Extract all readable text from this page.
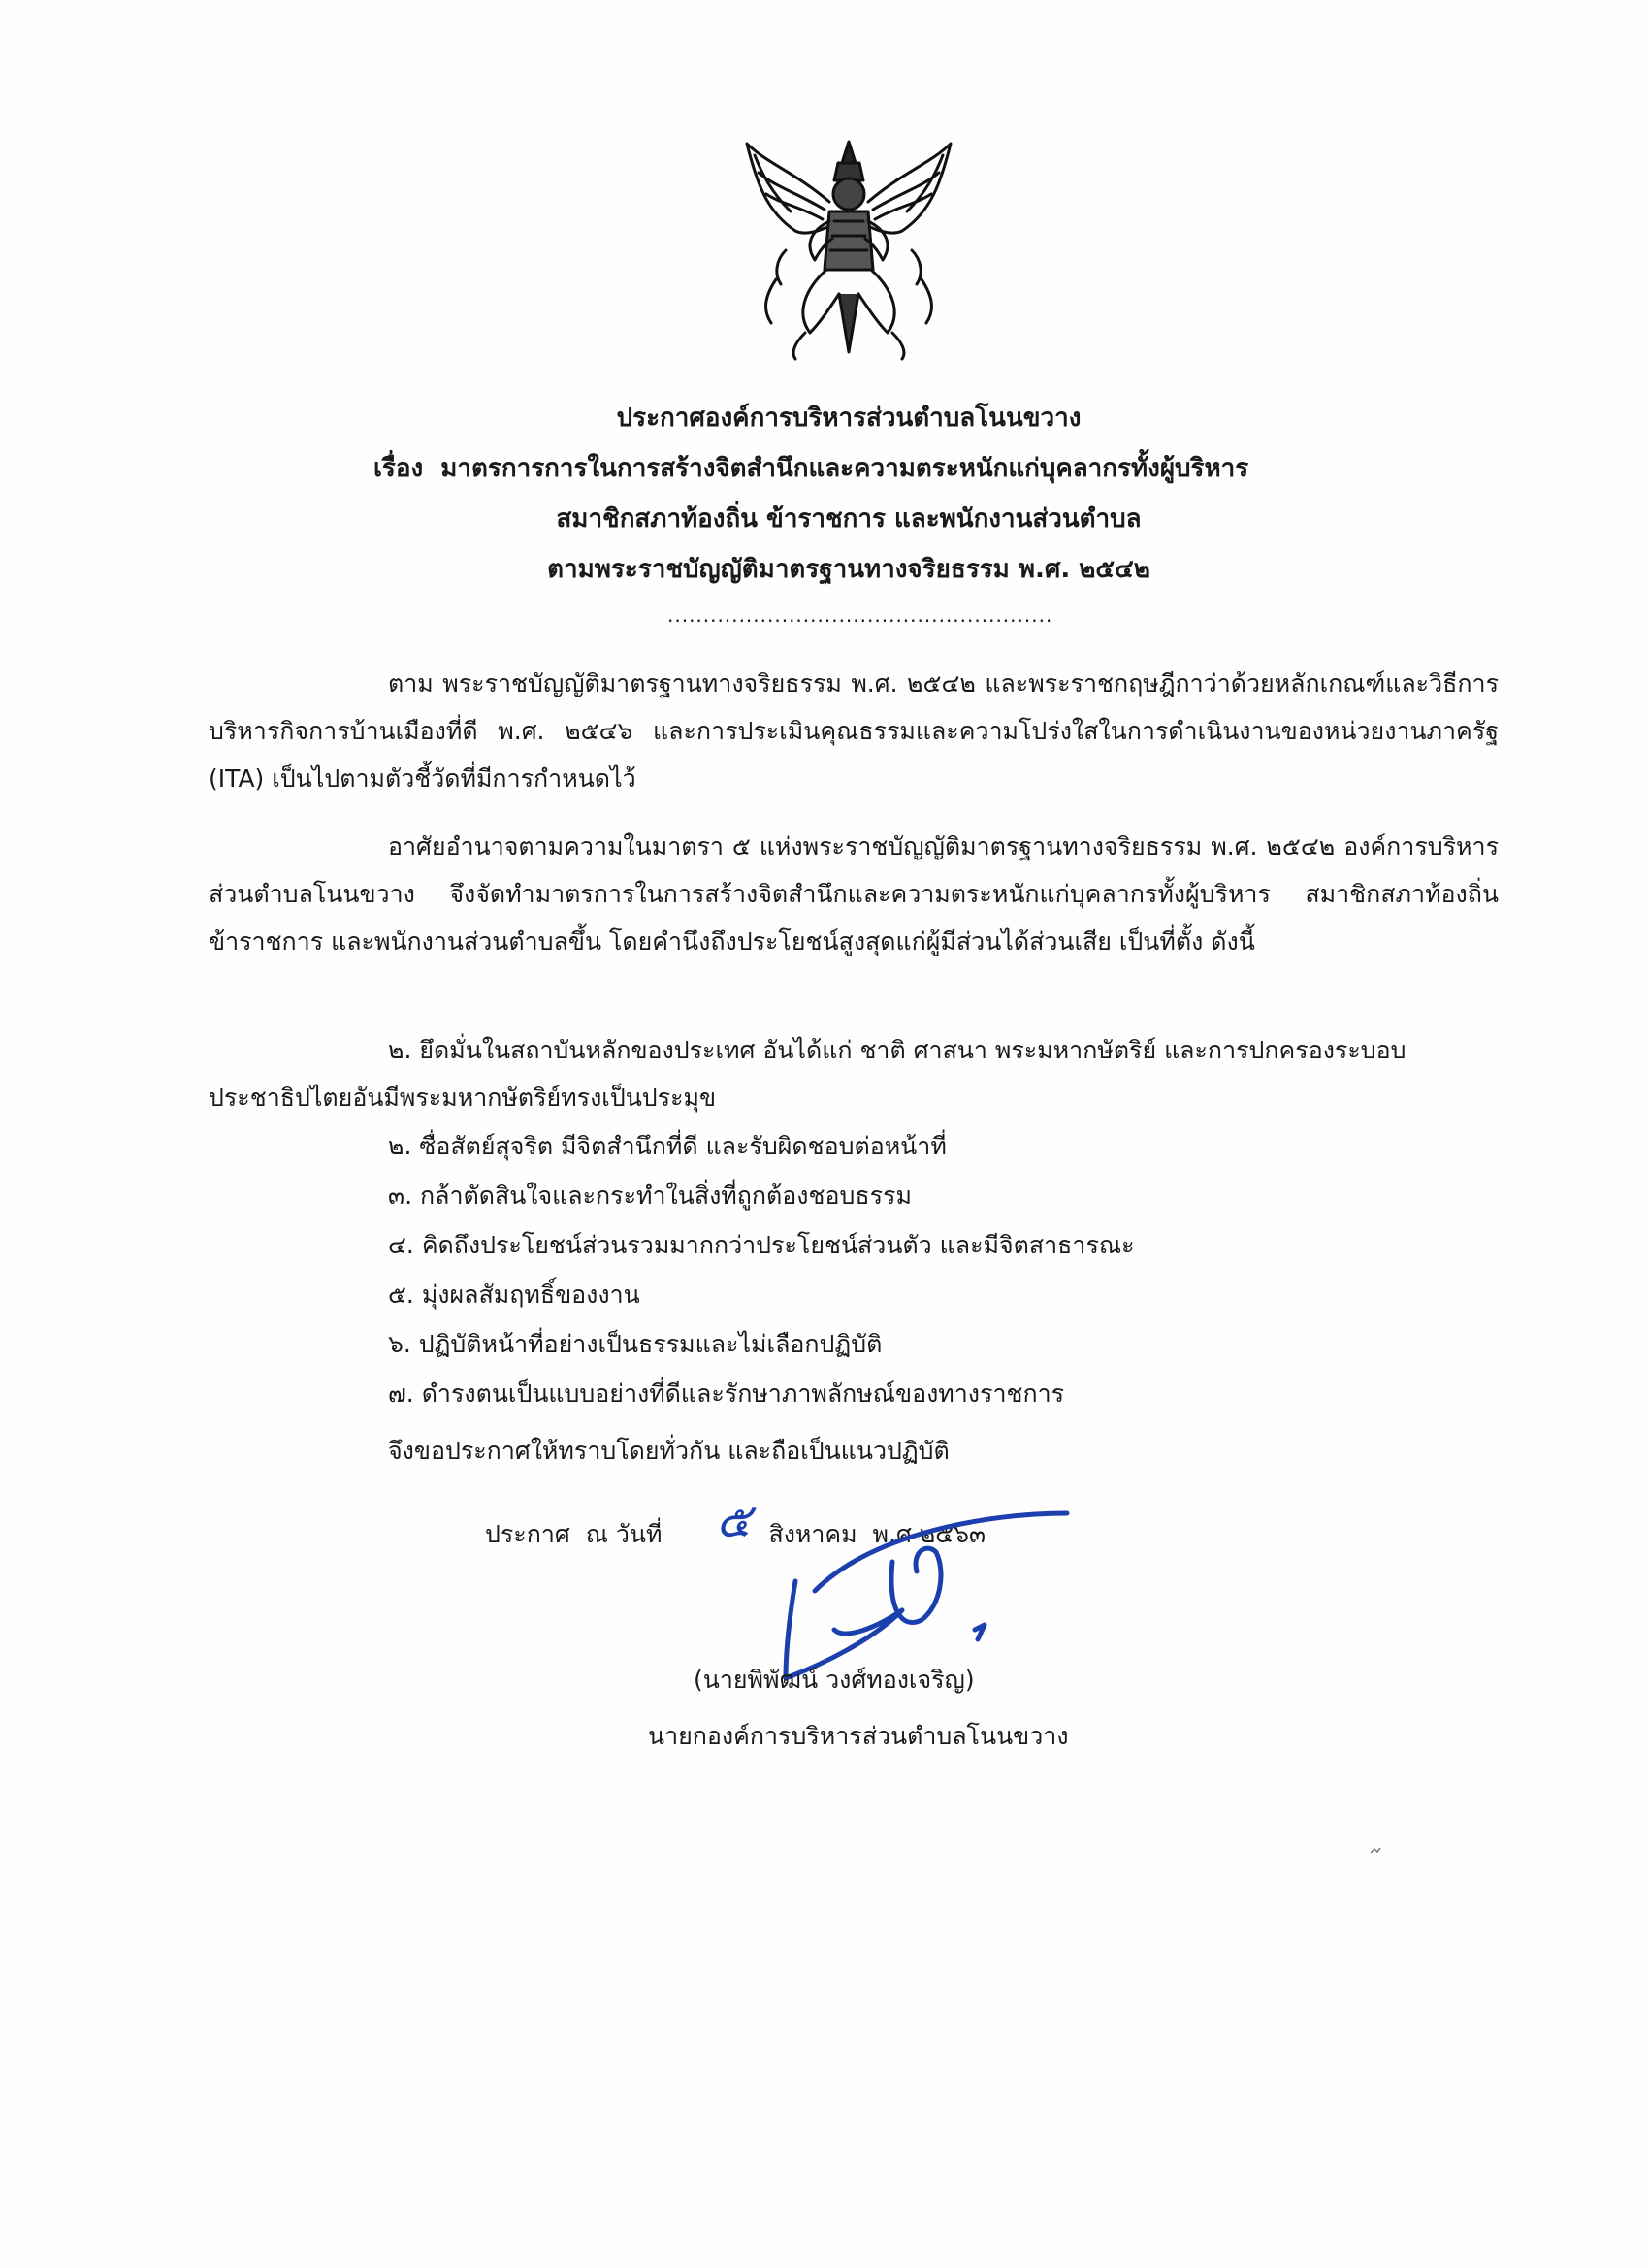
ประกาศองค์การบริหารส่วนตำบลโนนขวาง
เรื่อง มาตรการการในการสร้างจิตสำนึกและความตระหนักแก่บุคลากรทั้งผู้บริหาร
สมาชิกสภาท้องถิ่น ข้าราชการ และพนักงานส่วนตำบล
ตามพระราชบัญญัติมาตรฐานทางจริยธรรม พ.ศ. ๒๕๔๒
......................................................
ตาม พระราชบัญญัติมาตรฐานทางจริยธรรม พ.ศ. ๒๕๔๒ และพระราชกฤษฎีกาว่าด้วยหลักเกณฑ์และวิธีการบริหารกิจการบ้านเมืองที่ดี พ.ศ. ๒๕๔๖ และการประเมินคุณธรรมและความโปร่งใสในการดำเนินงานของหน่วยงานภาครัฐ (ITA) เป็นไปตามตัวชี้วัดที่มีการกำหนดไว้
อาศัยอำนาจตามความในมาตรา ๕ แห่งพระราชบัญญัติมาตรฐานทางจริยธรรม พ.ศ. ๒๕๔๒ องค์การบริหารส่วนตำบลโนนขวาง จึงจัดทำมาตรการในการสร้างจิตสำนึกและความตระหนักแก่บุคลากรทั้งผู้บริหาร สมาชิกสภาท้องถิ่น ข้าราชการ และพนักงานส่วนตำบลขึ้น โดยคำนึงถึงประโยชน์สูงสุดแก่ผู้มีส่วนได้ส่วนเสีย เป็นที่ตั้ง ดังนี้
๒. ยึดมั่นในสถาบันหลักของประเทศ อันได้แก่ ชาติ ศาสนา พระมหากษัตริย์ และการปกครองระบอบประชาธิปไตยอันมีพระมหากษัตริย์ทรงเป็นประมุข
๒. ซื่อสัตย์สุจริต มีจิตสำนึกที่ดี และรับผิดชอบต่อหน้าที่
๓. กล้าตัดสินใจและกระทำในสิ่งที่ถูกต้องชอบธรรม
๔. คิดถึงประโยชน์ส่วนรวมมากกว่าประโยชน์ส่วนตัว และมีจิตสาธารณะ
๕. มุ่งผลสัมฤทธิ์ของงาน
๖. ปฏิบัติหน้าที่อย่างเป็นธรรมและไม่เลือกปฏิบัติ
๗. ดำรงตนเป็นแบบอย่างที่ดีและรักษาภาพลักษณ์ของทางราชการ
จึงขอประกาศให้ทราบโดยทั่วกัน และถือเป็นแนวปฏิบัติ
ประกาศ ณ วันที่	สิงหาคม พ.ศ ๒๕๖๓
๕
(นายพิพัฒน์ วงศ์ทองเจริญ)
นายกองค์การบริหารส่วนตำบลโนนขวาง
